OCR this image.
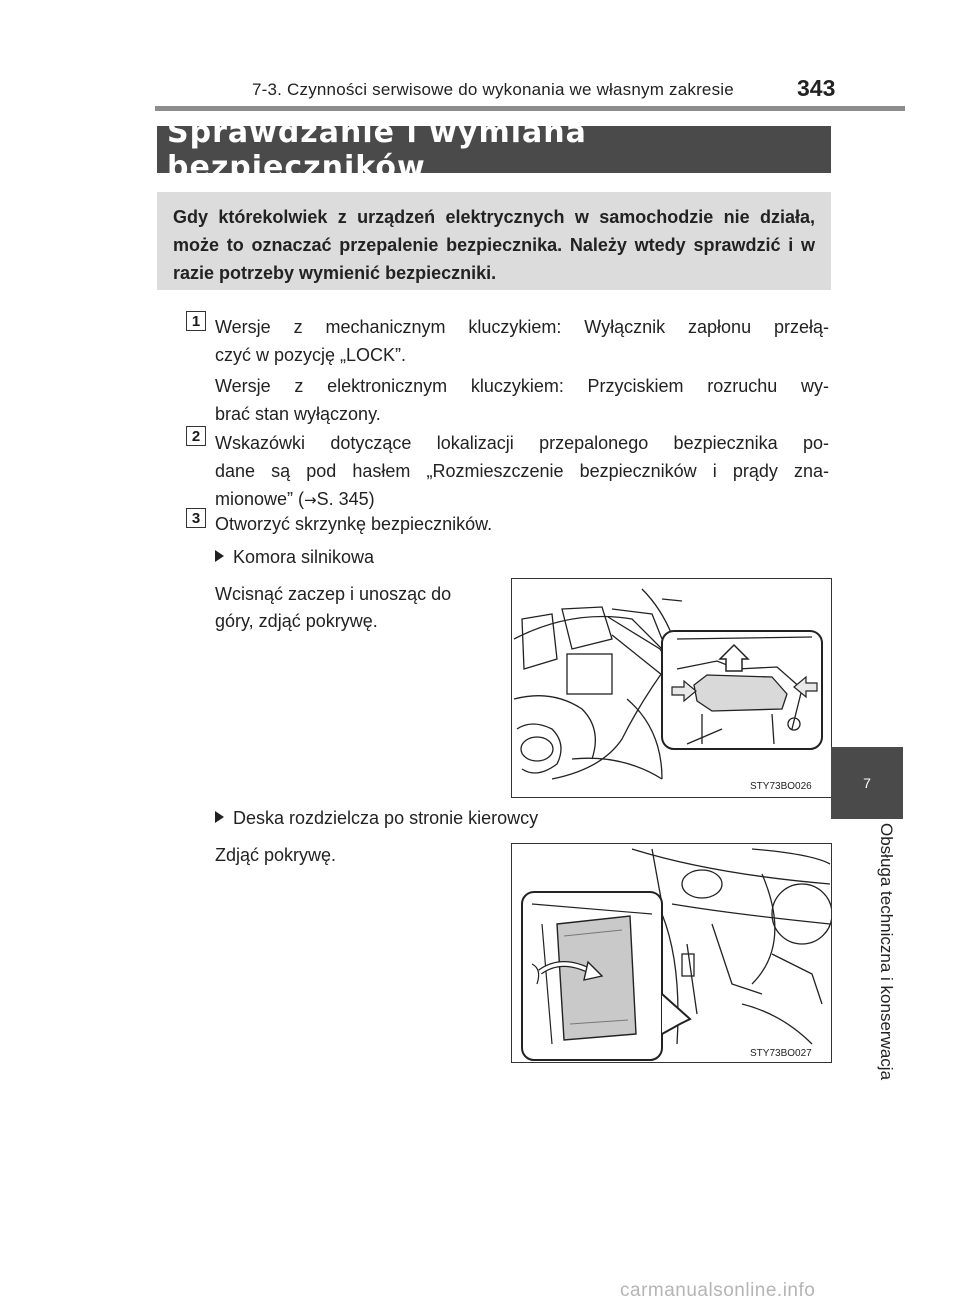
7-3. Czynności serwisowe do wykonania we własnym zakresie	343
Sprawdzanie i wymiana bezpieczników
Gdy którekolwiek z urządzeń elektrycznych w samochodzie nie działa, może to oznaczać przepalenie bezpiecznika. Należy wtedy sprawdzić i w razie potrzeby wymienić bezpieczniki.
1 Wersje z mechanicznym kluczykiem: Wyłącznik zapłonu przełą-
czyć w pozycję „LOCK”.
Wersje z elektronicznym kluczykiem: Przyciskiem rozruchu wy-
brać stan wyłączony.
2 Wskazówki dotyczące lokalizacji przepalonego bezpiecznika po-
dane są pod hasłem „Rozmieszczenie bezpieczników i prądy zna-
mionowe” (→S. 345)
3 Otworzyć skrzynkę bezpieczników.
Komora silnikowa
Wcisnąć zaczep i unosząc do
góry, zdjąć pokrywę.
STY73BO026
Deska rozdzielcza po stronie kierowcy
Zdjąć pokrywę.
STY73BO027
7
Obsługa techniczna i konserwacja
carmanualsonline.info
